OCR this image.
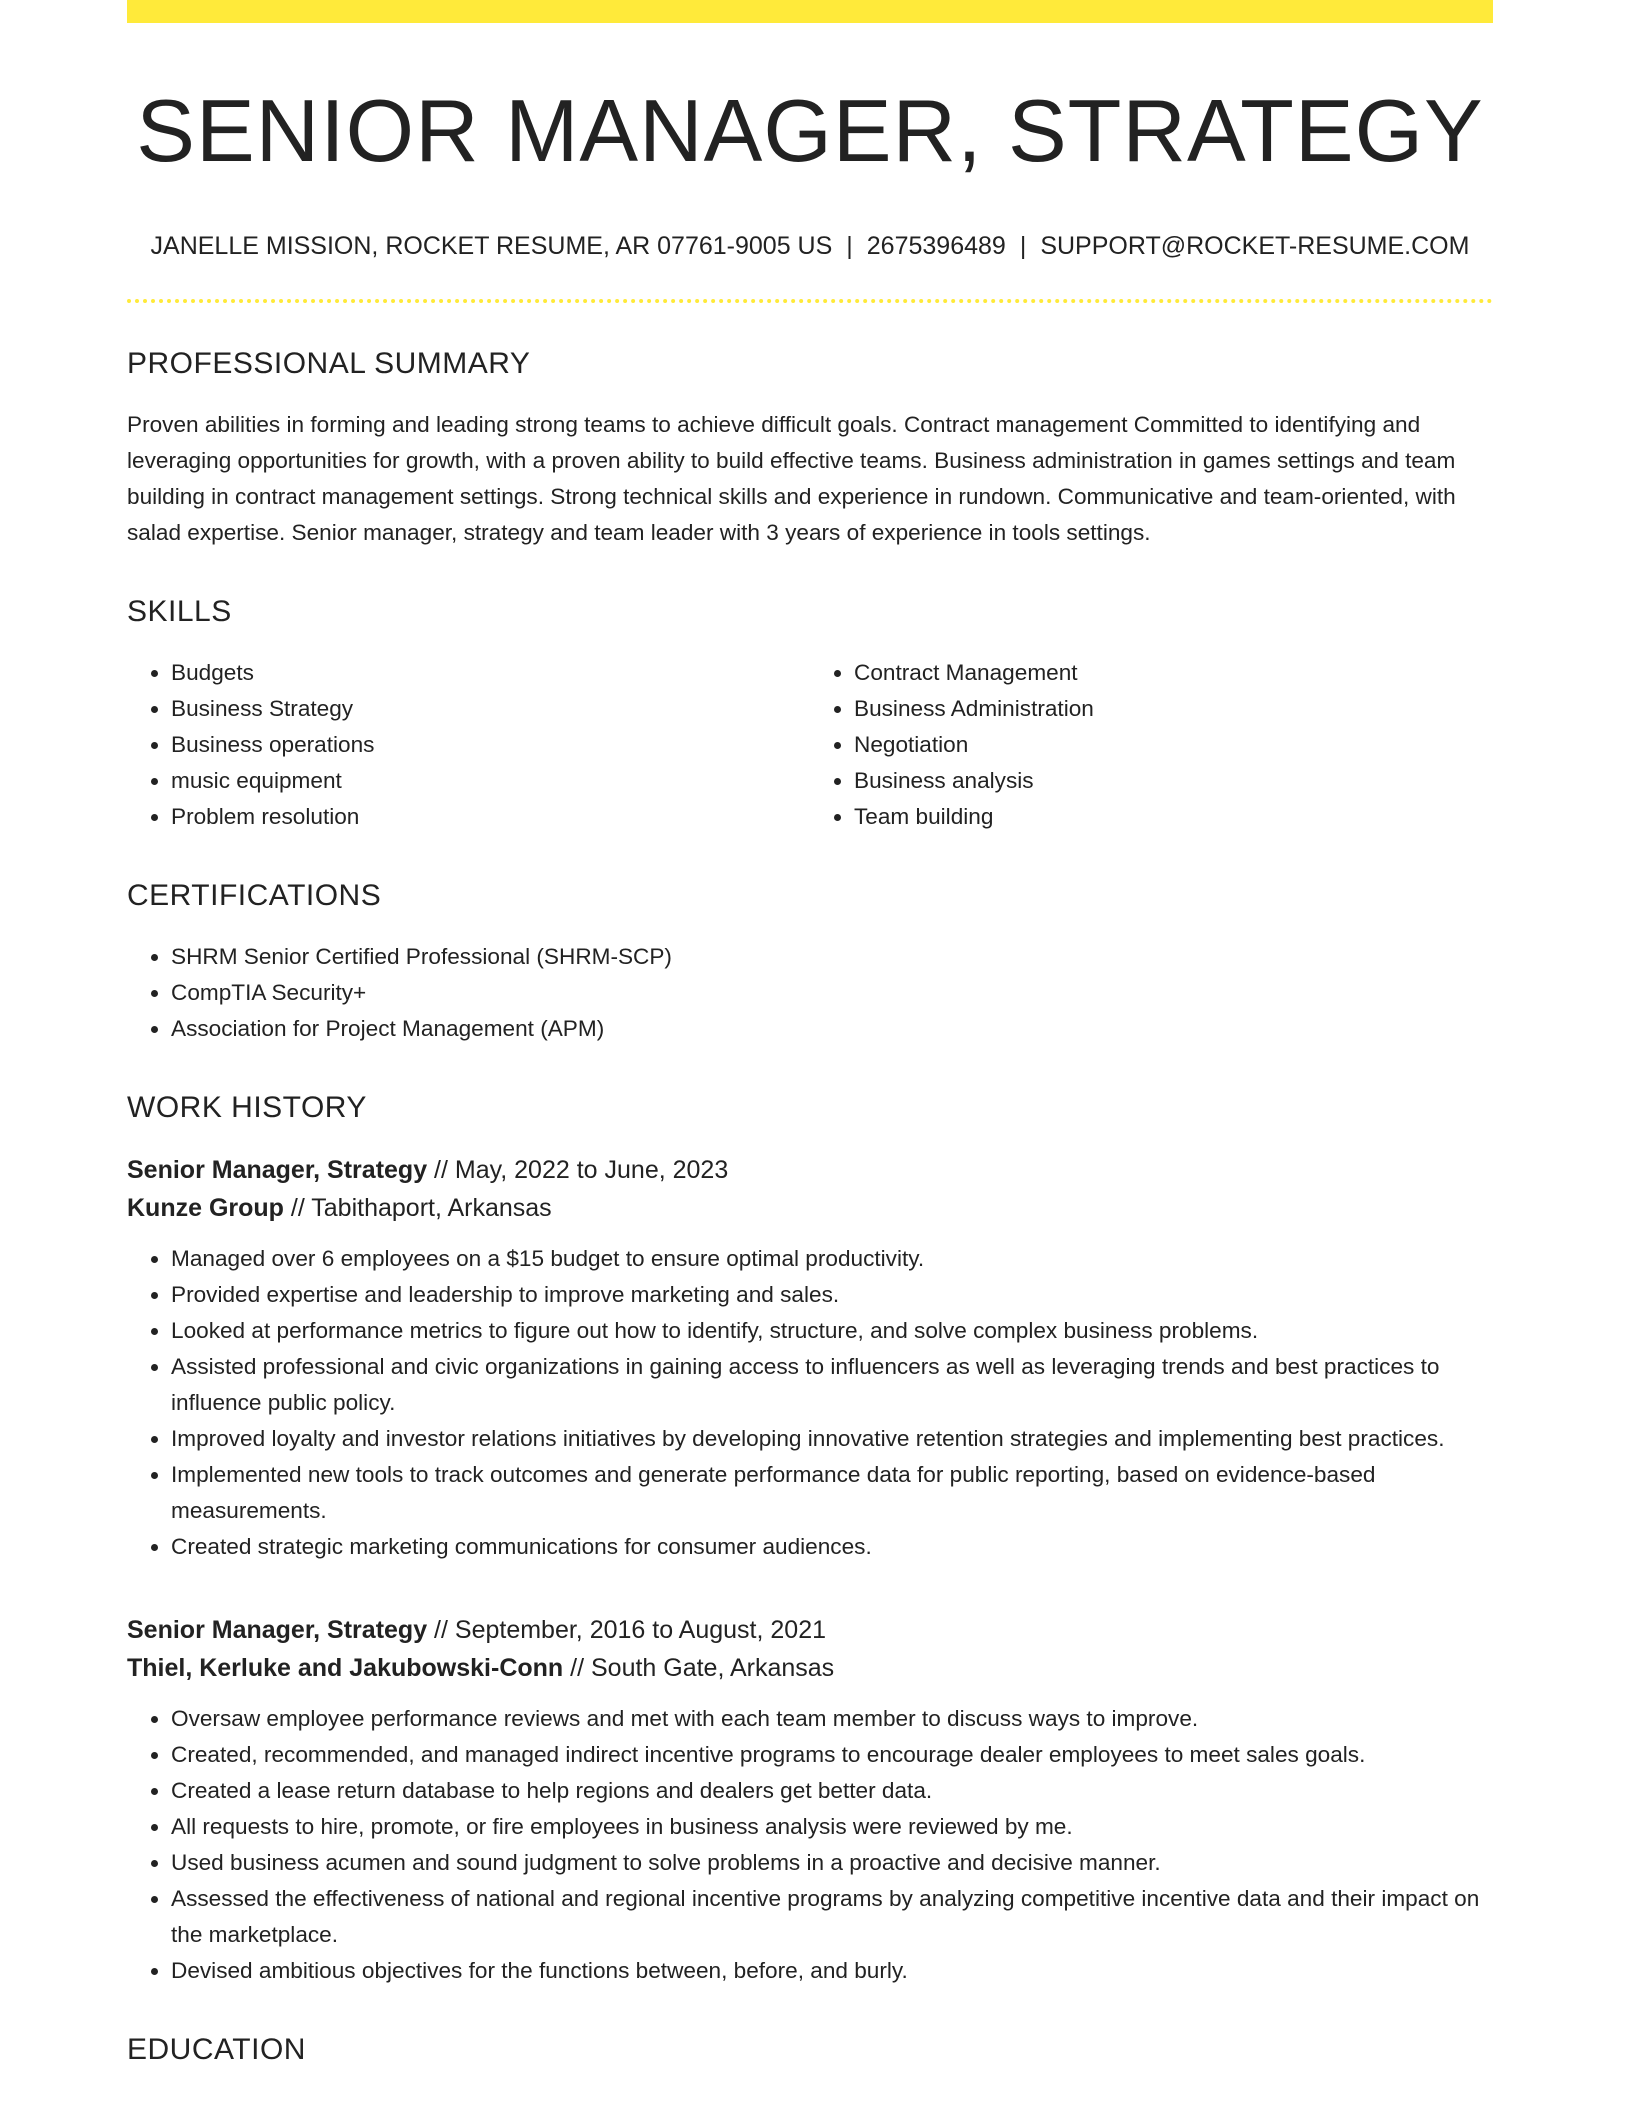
SENIOR MANAGER, STRATEGY
JANELLE MISSION, ROCKET RESUME, AR 07761-9005 US | 2675396489 | SUPPORT@ROCKET-RESUME.COM
PROFESSIONAL SUMMARY
Proven abilities in forming and leading strong teams to achieve difficult goals. Contract management Committed to identifying and leveraging opportunities for growth, with a proven ability to build effective teams. Business administration in games settings and team building in contract management settings. Strong technical skills and experience in rundown. Communicative and team-oriented, with salad expertise. Senior manager, strategy and team leader with 3 years of experience in tools settings.
SKILLS
• Budgets
• Business Strategy
• Business operations
• music equipment
• Problem resolution
• Contract Management
• Business Administration
• Negotiation
• Business analysis
• Team building
CERTIFICATIONS
• SHRM Senior Certified Professional (SHRM-SCP)
• CompTIA Security+
• Association for Project Management (APM)
WORK HISTORY
Senior Manager, Strategy // May, 2022 to June, 2023
Kunze Group // Tabithaport, Arkansas
• Managed over 6 employees on a $15 budget to ensure optimal productivity.
• Provided expertise and leadership to improve marketing and sales.
• Looked at performance metrics to figure out how to identify, structure, and solve complex business problems.
• Assisted professional and civic organizations in gaining access to influencers as well as leveraging trends and best practices to influence public policy.
• Improved loyalty and investor relations initiatives by developing innovative retention strategies and implementing best practices.
• Implemented new tools to track outcomes and generate performance data for public reporting, based on evidence-based measurements.
• Created strategic marketing communications for consumer audiences.
Senior Manager, Strategy // September, 2016 to August, 2021
Thiel, Kerluke and Jakubowski-Conn // South Gate, Arkansas
• Oversaw employee performance reviews and met with each team member to discuss ways to improve.
• Created, recommended, and managed indirect incentive programs to encourage dealer employees to meet sales goals.
• Created a lease return database to help regions and dealers get better data.
• All requests to hire, promote, or fire employees in business analysis were reviewed by me.
• Used business acumen and sound judgment to solve problems in a proactive and decisive manner.
• Assessed the effectiveness of national and regional incentive programs by analyzing competitive incentive data and their impact on the marketplace.
• Devised ambitious objectives for the functions between, before, and burly.
EDUCATION
